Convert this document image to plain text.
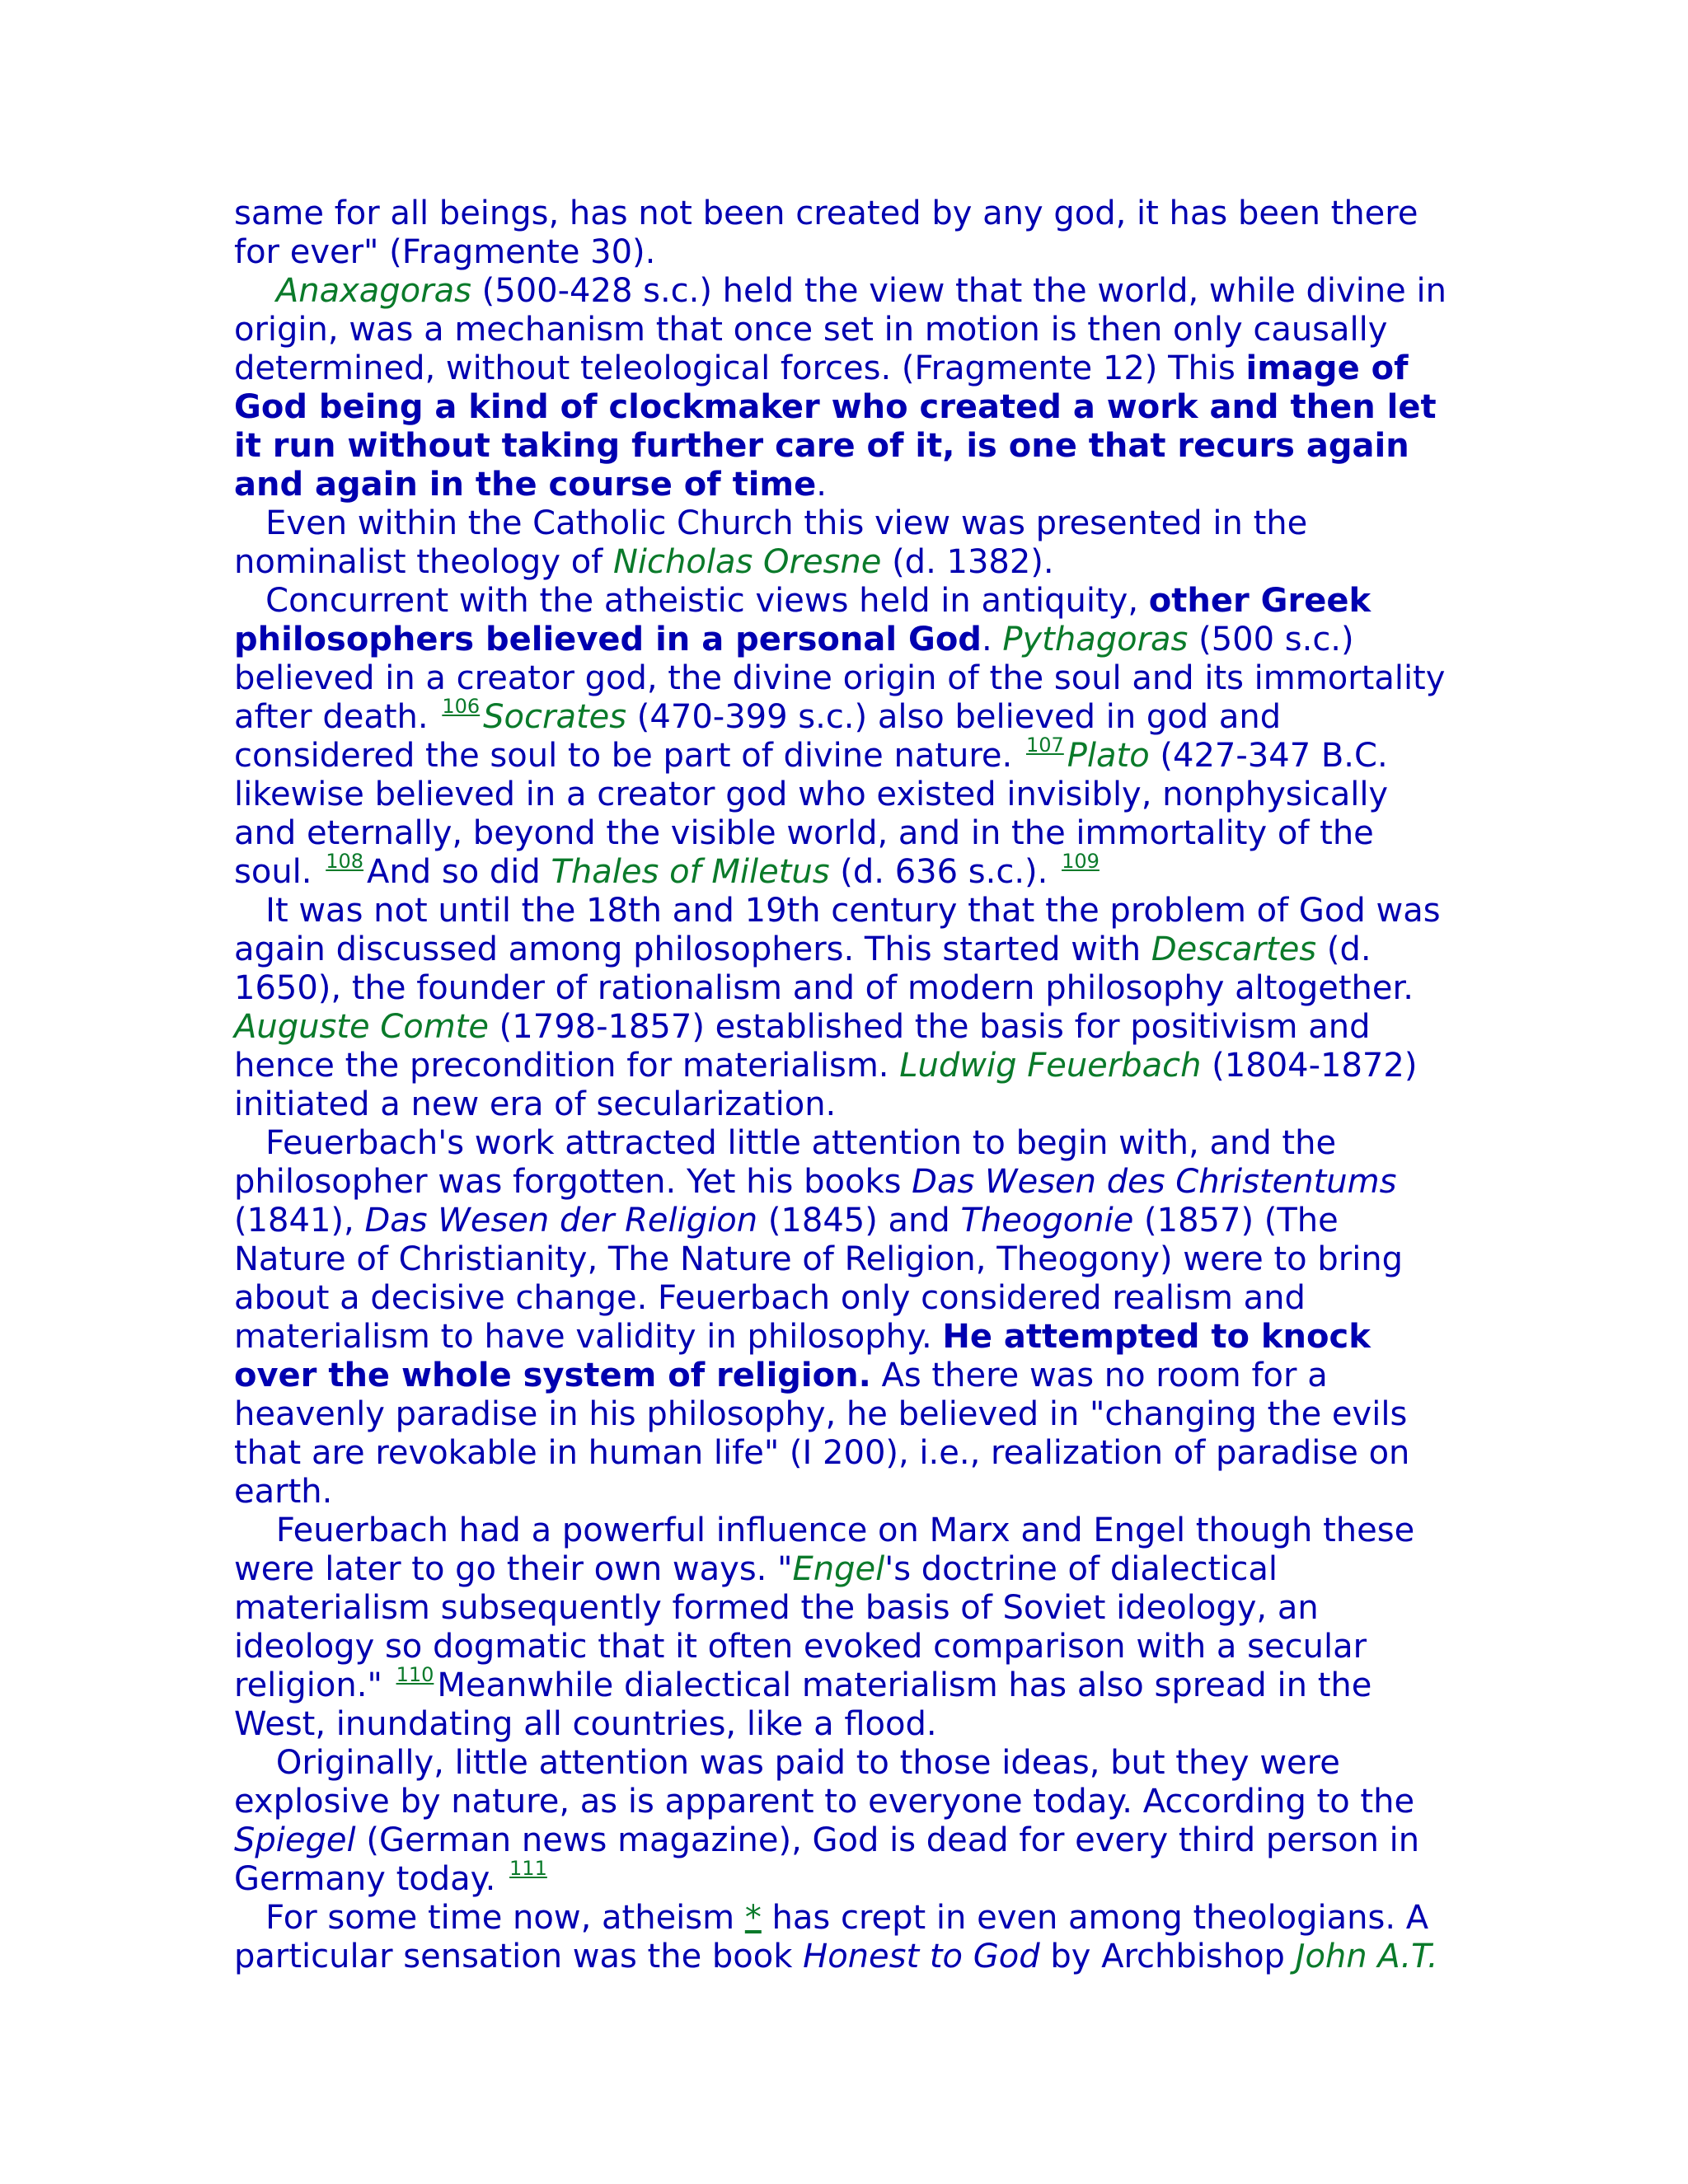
same for all beings, has not been created by any god, it has been there
for ever" (Fragmente 30).
Anaxagoras (500-428 s.c.) held the view that the world, while divine in
origin, was a mechanism that once set in motion is then only causally
determined, without teleological forces. (Fragmente 12) This image of
God being a kind of clockmaker who created a work and then let
it run without taking further care of it, is one that recurs again
and again in the course of time.
Even within the Catholic Church this view was presented in the
nominalist theology of Nicholas Oresne (d. 1382).
Concurrent with the atheistic views held in antiquity, other Greek
philosophers believed in a personal God. Pythagoras (500 s.c.)
believed in a creator god, the divine origin of the soul and its immortality
after death. $^{106}$ Socrates (470-399 s.c.) also believed in god and
considered the soul to be part of divine nature. $^{107}$ Plato (427-347 B.C.
likewise believed in a creator god who existed invisibly, nonphysically
and eternally, beyond the visible world, and in the immortality of the
soul. $^{108}$ And so did Thales of Miletus (d. 636 s.c.). $^{109}$
It was not until the 18th and 19th century that the problem of God was
again discussed among philosophers. This started with Descartes (d.
1650), the founder of rationalism and of modern philosophy altogether.
Auguste Comte (1798-1857) established the basis for positivism and
hence the precondition for materialism. Ludwig Feuerbach (1804-1872)
initiated a new era of secularization.
Feuerbach's work attracted little attention to begin with, and the
philosopher was forgotten. Yet his books Das Wesen des Christentums
(1841), Das Wesen der Religion (1845) and Theogonie (1857) (The
Nature of Christianity, The Nature of Religion, Theogony) were to bring
about a decisive change. Feuerbach only considered realism and
materialism to have validity in philosophy. He attempted to knock
over the whole system of religion. As there was no room for a
heavenly paradise in his philosophy, he believed in "changing the evils
that are revokable in human life" (I 200), i.e., realization of paradise on
earth.
Feuerbach had a powerful influence on Marx and Engel though these
were later to go their own ways. "Engel's doctrine of dialectical
materialism subsequently formed the basis of Soviet ideology, an
ideology so dogmatic that it often evoked comparison with a secular
religion." $^{110}$ Meanwhile dialectical materialism has also spread in the
West, inundating all countries, like a flood.
Originally, little attention was paid to those ideas, but they were
explosive by nature, as is apparent to everyone today. According to the
Spiegel (German news magazine), God is dead for every third person in
Germany today. $^{111}$
For some time now, atheism * has crept in even among theologians. A
particular sensation was the book Honest to God by Archbishop John A.T.
